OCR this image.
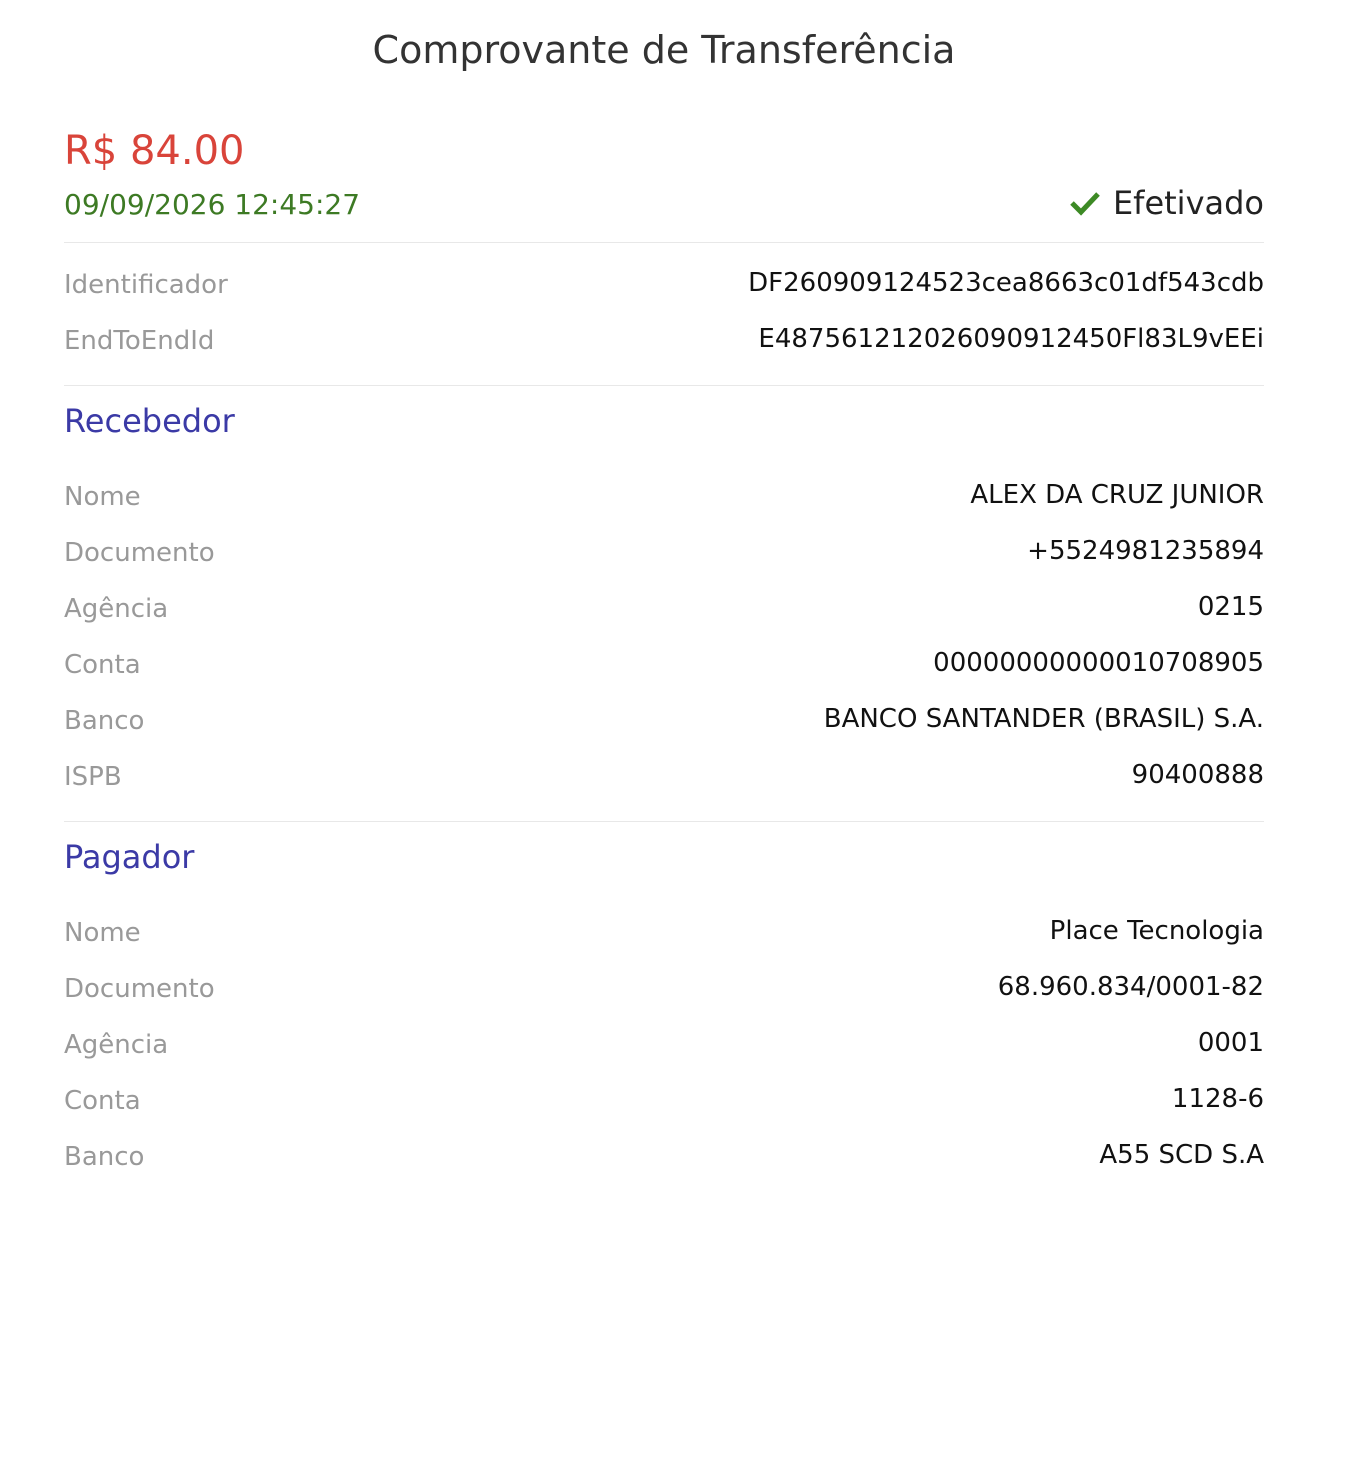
Comprovante de Transferência
R$ 84.00
09/09/2026 12:45:27	Efetivado
Identificador	DF260909124523cea8663c01df543cdb
EndToEndId	E487561212026090912450Fl83L9vEEi
Recebedor
Nome	ALEX DA CRUZ JUNIOR
Documento	+5524981235894
Agência	0215
Conta	00000000000010708905
Banco	BANCO SANTANDER (BRASIL) S.A.
ISPB	90400888
Pagador
Nome	Place Tecnologia
Documento	68.960.834/0001-82
Agência	0001
Conta	1128-6
Banco	A55 SCD S.A
